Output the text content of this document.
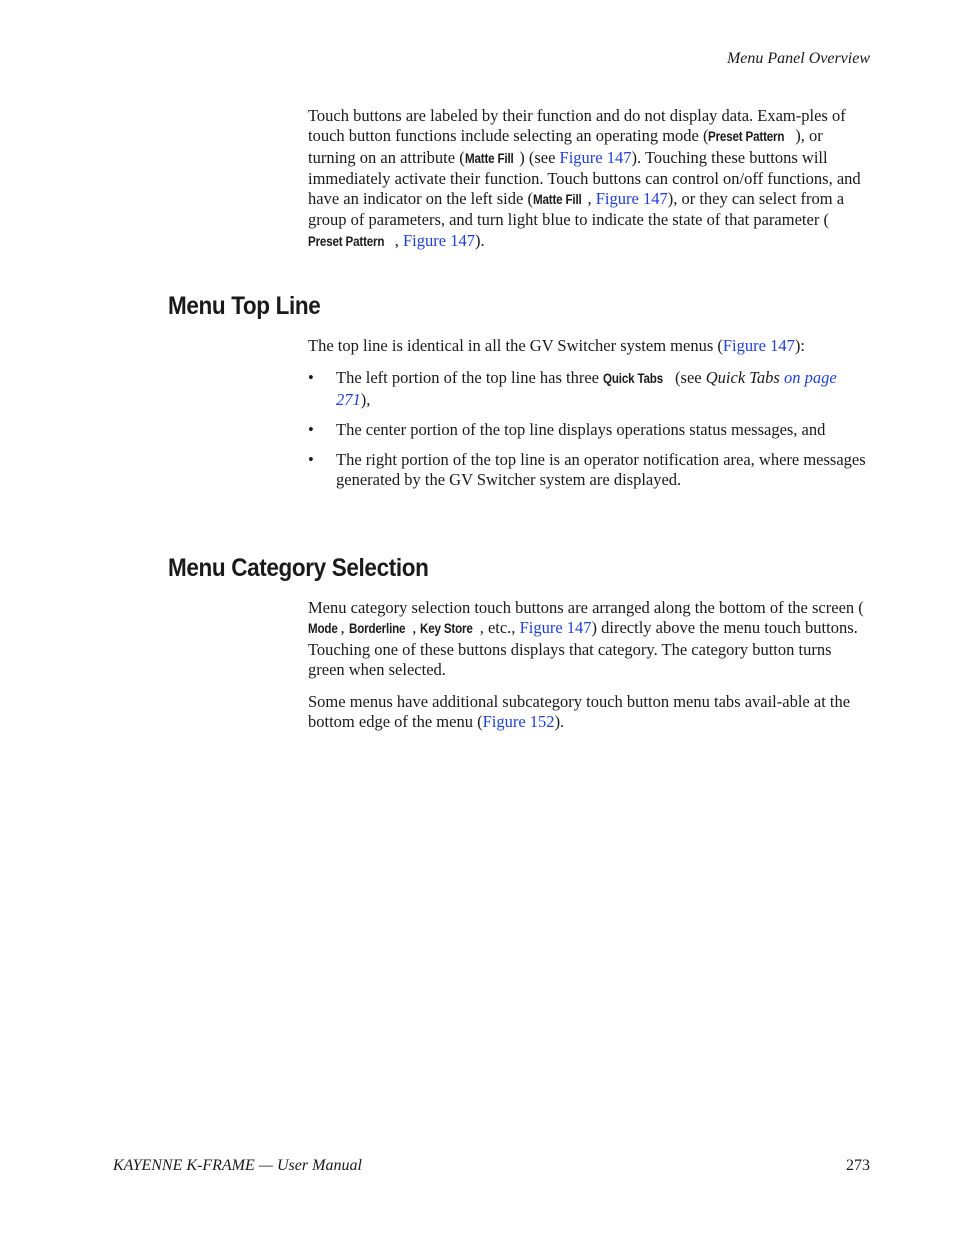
Menu Panel Overview

Touch buttons are labeled by their function and do not display data. Exam-ples of touch button functions include selecting an operating mode (Preset Pattern ), or turning on an attribute (Matte Fill ) (see Figure 147). Touching these buttons will immediately activate their function. Touch buttons can control on/off functions, and have an indicator on the left side (Matte Fill , Figure 147), or they can select from a group of parameters, and turn light blue to indicate the state of that parameter (Preset Pattern , Figure 147).

Menu Top Line

The top line is identical in all the GV Switcher system menus (Figure 147):

• The left portion of the top line has three Quick Tabs (see Quick Tabs on page 271),
• The center portion of the top line displays operations status messages, and
• The right portion of the top line is an operator notification area, where messages generated by the GV Switcher system are displayed.
Menu Category Selection

Menu category selection touch buttons are arranged along the bottom of the screen (Mode , Borderline , Key Store , etc., Figure 147) directly above the menu touch buttons. Touching one of these buttons displays that category. The category button turns green when selected.

Some menus have additional subcategory touch button menu tabs avail-able at the bottom edge of the menu (Figure 152).

KAYENNE K-FRAME — User Manual	273
